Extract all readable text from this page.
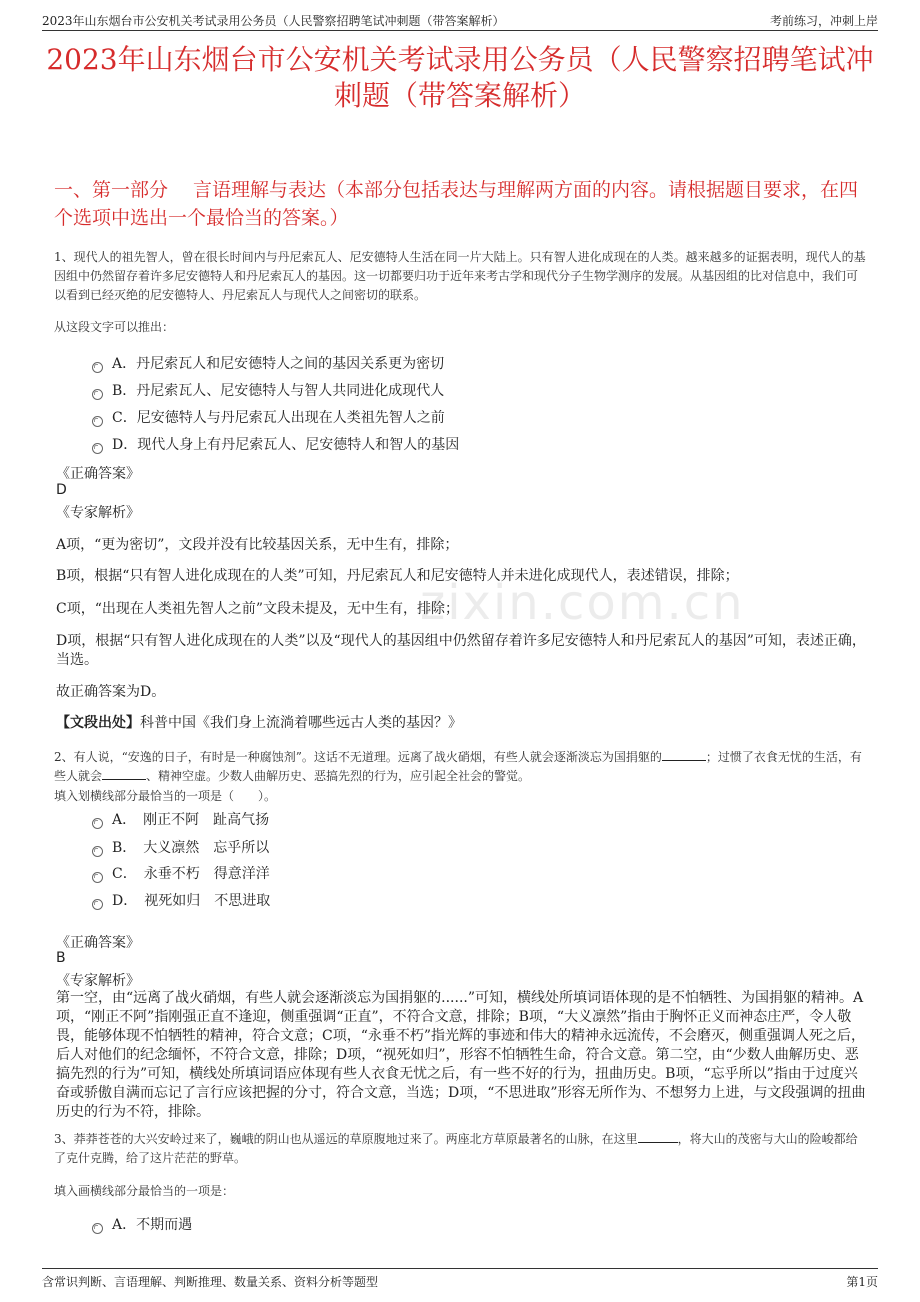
2023年山东烟台市公安机关考试录用公务员（人民警察招聘笔试冲刺题（带答案解析）	考前练习，冲刺上岸
zixin.com.cn
2023年山东烟台市公安机关考试录用公务员（人民警察招聘笔试冲刺题（带答案解析）
一、第一部分　 言语理解与表达（本部分包括表达与理解两方面的内容。请根据题目要求，在四个选项中选出一个最恰当的答案。）
1、现代人的祖先智人，曾在很长时间内与丹尼索瓦人、尼安德特人生活在同一片大陆上。只有智人进化成现在的人类。越来越多的证据表明，现代人的基因组中仍然留存着许多尼安德特人和丹尼索瓦人的基因。这一切都要归功于近年来考古学和现代分子生物学测序的发展。从基因组的比对信息中，我们可以看到已经灭绝的尼安德特人、丹尼索瓦人与现代人之间密切的联系。
从这段文字可以推出：
A．丹尼索瓦人和尼安德特人之间的基因关系更为密切
B．丹尼索瓦人、尼安德特人与智人共同进化成现代人
C．尼安德特人与丹尼索瓦人出现在人类祖先智人之前
D．现代人身上有丹尼索瓦人、尼安德特人和智人的基因
《正确答案》
D
《专家解析》
A项，“更为密切”，文段并没有比较基因关系，无中生有，排除；
B项，根据“只有智人进化成现在的人类”可知，丹尼索瓦人和尼安德特人并未进化成现代人，表述错误，排除；
C项，“出现在人类祖先智人之前”文段未提及，无中生有，排除；
D项，根据“只有智人进化成现在的人类”以及“现代人的基因组中仍然留存着许多尼安德特人和丹尼索瓦人的基因”可知，表述正确，当选。
故正确答案为D。
【文段出处】科普中国《我们身上流淌着哪些远古人类的基因？》
2、有人说，“安逸的日子，有时是一种腐蚀剂”。这话不无道理。远离了战火硝烟，有些人就会逐渐淡忘为国捐躯的	；过惯了衣食无忧的生活，有些人就会	、精神空虚。少数人曲解历史、恶搞先烈的行为，应引起全社会的警觉。
填入划横线部分最恰当的一项是（　　）。
A．　刚正不阿　趾高气扬
B．　大义凛然　忘乎所以
C．　永垂不朽　得意洋洋
D．　视死如归　不思进取
《正确答案》
B
《专家解析》
第一空，由“远离了战火硝烟，有些人就会逐渐淡忘为国捐躯的......”可知，横线处所填词语体现的是不怕牺牲、为国捐躯的精神。A项，“刚正不阿”指刚强正直不逢迎，侧重强调“正直”，不符合文意，排除；B项，“大义凛然”指由于胸怀正义而神态庄严，令人敬畏，能够体现不怕牺牲的精神，符合文意；C项，“永垂不朽”指光辉的事迹和伟大的精神永远流传，不会磨灭，侧重强调人死之后，后人对他们的纪念缅怀，不符合文意，排除；D项，“视死如归”，形容不怕牺牲生命，符合文意。第二空，由“少数人曲解历史、恶搞先烈的行为”可知，横线处所填词语应体现有些人衣食无忧之后，有一些不好的行为，扭曲历史。B项，“忘乎所以”指由于过度兴奋或骄傲自满而忘记了言行应该把握的分寸，符合文意，当选；D项，“不思进取”形容无所作为、不想努力上进，与文段强调的扭曲历史的行为不符，排除。
3、莽莽苍苍的大兴安岭过来了，巍峨的阴山也从遥远的草原腹地过来了。两座北方草原最著名的山脉，在这里	，将大山的茂密与大山的险峻都给了克什克腾，给了这片茫茫的野草。
填入画横线部分最恰当的一项是：
A．不期而遇
含常识判断、言语理解、判断推理、数量关系、资料分析等题型	第1页
